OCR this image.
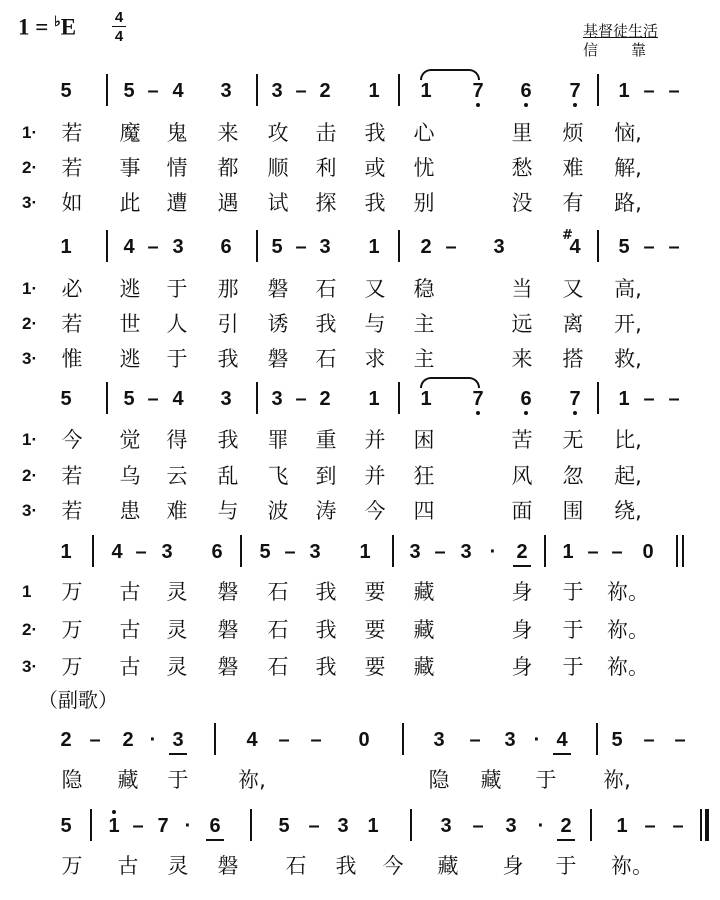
1 = ♭E	4
4	基督徒生活
信　　靠
（副歌）
5	5 – 4 3 3 – 2 1 1 7 6 7 1 – –
1· 若 魔 鬼 来 攻 击 我 心	里 烦 恼,
2· 若 事 情 都 顺 利 或 忧	愁 难 解,
3· 如 此 遭 遇 试 探 我 别	没 有 路,
1	4 – 3 6 5 – 3 1 2 – 3	4 5 – –
#
1· 必 逃 于 那 磐 石 又 稳	当 又 高,
2· 若 世 人 引 诱 我 与 主	远 离 开,
3· 惟 逃 于 我 磐 石 求 主	来 搭 救,
5	5 – 4 3 3 – 2 1 1 7 6 7 1 – –
1· 今 觉 得 我 罪 重 并 困	苦 无 比,
2· 若 乌 云 乱 飞 到 并 狂	风 忽 起,
3· 若 患 难 与 波 涛 今 四	面 围 绕,
1 4 – 3 6 5 – 3 1 3 – 3 2 1 – – 0
·
1 万 古 灵 磐 石 我 要 藏	身 于 祢。
2· 万 古 灵 磐 石 我 要 藏	身 于 祢。
3· 万 古 灵 磐 石 我 要 藏	身 于 祢。
2 – 2 3	4 – – 0	3 – 3 4 5 – –
·	·
隐 藏 于 祢,	隐 藏 于 祢,
5 1 – 7 6	5 – 3 1	3 – 3 2 1 – –
·	·
万 古 灵 磐 石 我 今 藏 身 于 祢。
